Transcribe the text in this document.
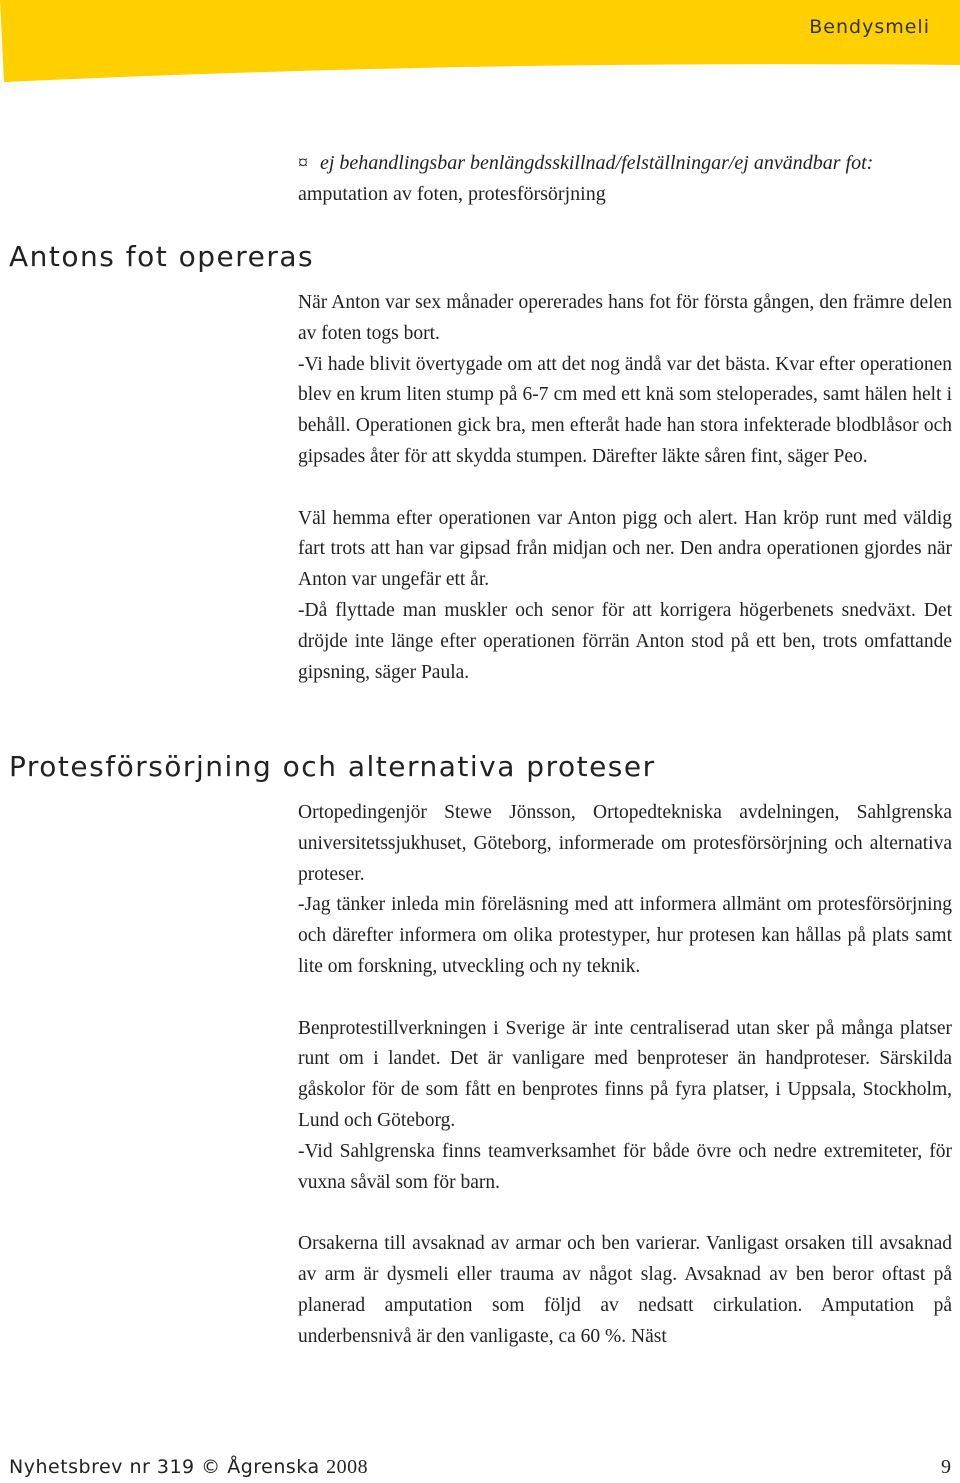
Bendysmeli
¤ ej behandlingsbar benlängdsskillnad/felställningar/ej användbar fot: amputation av foten, protesförsörjning
Antons fot opereras

När Anton var sex månader opererades hans fot för första gången, den främre delen av foten togs bort.

-Vi hade blivit övertygade om att det nog ändå var det bästa. Kvar efter operationen blev en krum liten stump på 6-7 cm med ett knä som steloperades, samt hälen helt i behåll. Operationen gick bra, men efteråt hade han stora infekterade blodblåsor och gipsades åter för att skydda stumpen. Därefter läkte såren fint, säger Peo.

Väl hemma efter operationen var Anton pigg och alert. Han kröp runt med väldig fart trots att han var gipsad från midjan och ner. Den andra operationen gjordes när Anton var ungefär ett år.

-Då flyttade man muskler och senor för att korrigera högerbenets snedväxt. Det dröjde inte länge efter operationen förrän Anton stod på ett ben, trots omfattande gipsning, säger Paula.

Protesförsörjning och alternativa proteser

Ortopedingenjör Stewe Jönsson, Ortopedtekniska avdelningen, Sahlgrenska universitetssjukhuset, Göteborg, informerade om protesförsörjning och alternativa proteser.

-Jag tänker inleda min föreläsning med att informera allmänt om protesförsörjning och därefter informera om olika protestyper, hur protesen kan hållas på plats samt lite om forskning, utveckling och ny teknik.

Benprotestillverkningen i Sverige är inte centraliserad utan sker på många platser runt om i landet. Det är vanligare med benproteser än handproteser. Särskilda gåskolor för de som fått en benprotes finns på fyra platser, i Uppsala, Stockholm, Lund och Göteborg.

-Vid Sahlgrenska finns teamverksamhet för både övre och nedre extremiteter, för vuxna såväl som för barn.

Orsakerna till avsaknad av armar och ben varierar. Vanligast orsaken till avsaknad av arm är dysmeli eller trauma av något slag. Avsaknad av ben beror oftast på planerad amputation som följd av nedsatt cirkulation. Amputation på underbensnivå är den vanligaste, ca 60 %. Näst

Nyhetsbrev nr 319 © Ågrenska 2008	9
